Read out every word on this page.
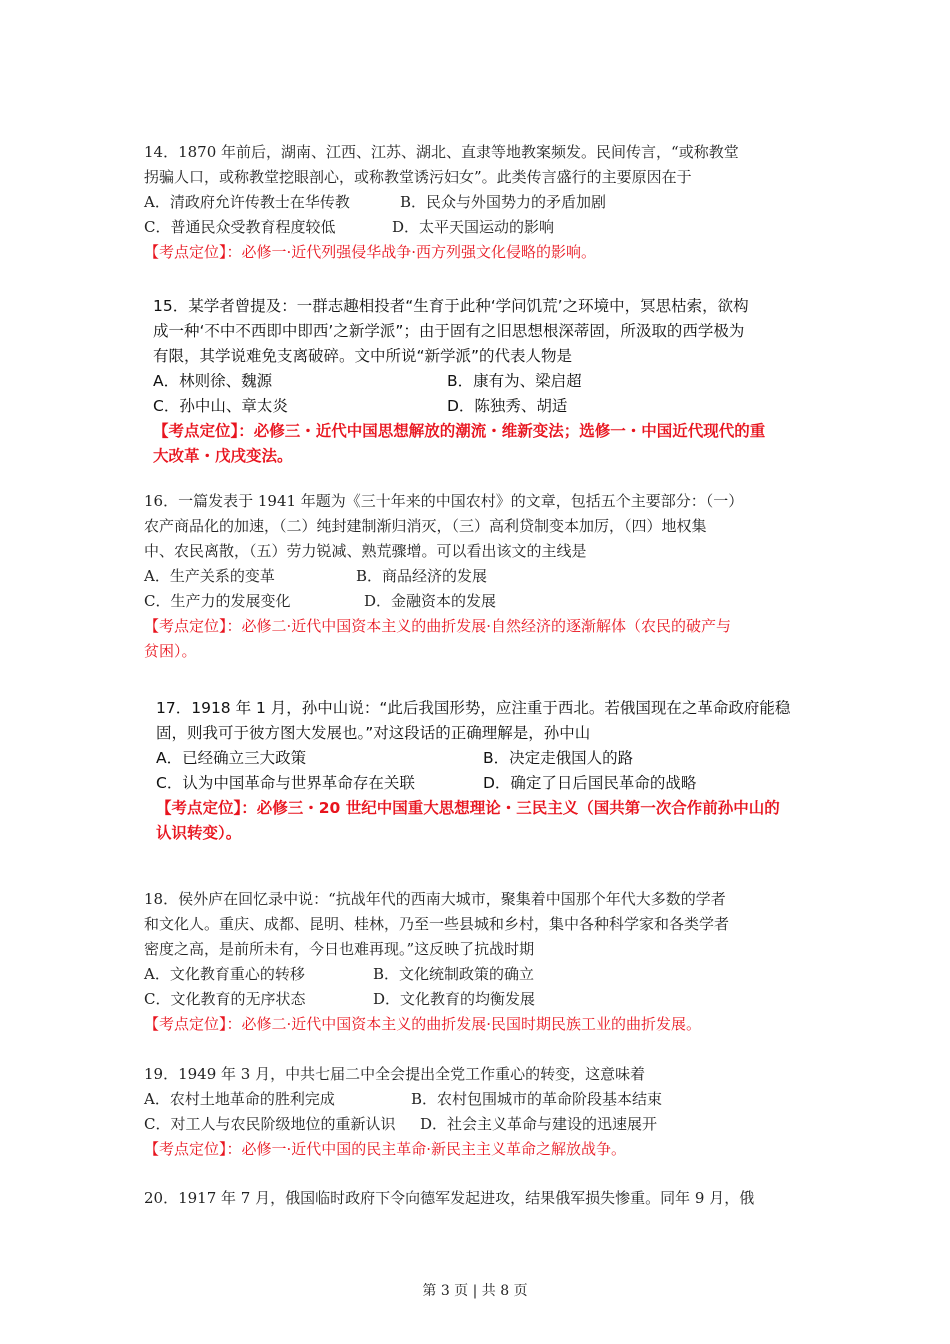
14．1870 年前后，湖南、江西、江苏、湖北、直隶等地教案频发。民间传言，“或称教堂
拐骗人口，或称教堂挖眼剖心，或称教堂诱污妇女”。此类传言盛行的主要原因在于
A．清政府允许传教士在华传教	B．民众与外国势力的矛盾加剧
C．普通民众受教育程度较低	D．太平天国运动的影响
【考点定位】：必修一·近代列强侵华战争·西方列强文化侵略的影响。
15．某学者曾提及：一群志趣相投者“生育于此种‘学问饥荒’之环境中，冥思枯索，欲构
成一种‘不中不西即中即西’之新学派”；由于固有之旧思想根深蒂固，所汲取的西学极为
有限，其学说难免支离破碎。文中所说“新学派”的代表人物是
A．林则徐、魏源	B．康有为、梁启超
C．孙中山、章太炎	D．陈独秀、胡适
【考点定位】：必修三・近代中国思想解放的潮流・维新变法；选修一・中国近代现代的重
大改革・戊戌变法。
16．一篇发表于 1941 年题为《三十年来的中国农村》的文章，包括五个主要部分：（一）
农产商品化的加速，（二）纯封建制渐归消灭，（三）高利贷制变本加厉，（四）地权集
中、农民离散，（五）劳力锐减、熟荒骤增。可以看出该文的主线是
A．生产关系的变革	B．商品经济的发展
C．生产力的发展变化	D．金融资本的发展
【考点定位】：必修二·近代中国资本主义的曲折发展·自然经济的逐渐解体（农民的破产与
贫困）。
17．1918 年 1 月，孙中山说：“此后我国形势，应注重于西北。若俄国现在之革命政府能稳
固，则我可于彼方图大发展也。”对这段话的正确理解是，孙中山
A．已经确立三大政策	B．决定走俄国人的路
C．认为中国革命与世界革命存在关联	D．确定了日后国民革命的战略
【考点定位】：必修三・20 世纪中国重大思想理论・三民主义（国共第一次合作前孙中山的
认识转变）。
18．侯外庐在回忆录中说：“抗战年代的西南大城市，聚集着中国那个年代大多数的学者
和文化人。重庆、成都、昆明、桂林，乃至一些县城和乡村，集中各种科学家和各类学者
密度之高，是前所未有，今日也难再现。”这反映了抗战时期
A．文化教育重心的转移	B．文化统制政策的确立
C．文化教育的无序状态	D．文化教育的均衡发展
【考点定位】：必修二·近代中国资本主义的曲折发展·民国时期民族工业的曲折发展。
19．1949 年 3 月，中共七届二中全会提出全党工作重心的转变，这意味着
A．农村土地革命的胜利完成	B．农村包围城市的革命阶段基本结束
C．对工人与农民阶级地位的重新认识 D．社会主义革命与建设的迅速展开
【考点定位】：必修一·近代中国的民主革命·新民主主义革命之解放战争。
20．1917 年 7 月，俄国临时政府下令向德军发起进攻，结果俄军损失惨重。同年 9 月，俄
第 3 页 | 共 8 页
